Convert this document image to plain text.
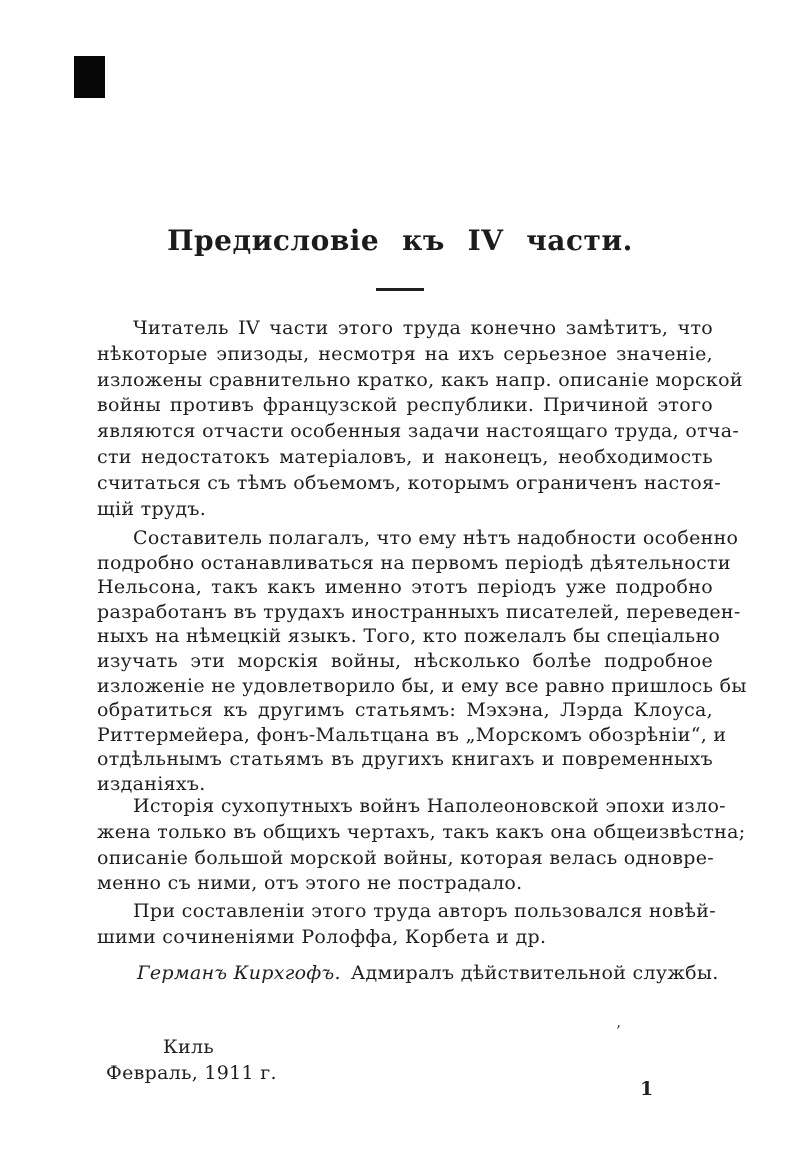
Предисловіе къ IV части.
Читатель IV части этого труда конечно замѣтитъ, что
нѣкоторые эпизоды, несмотря на ихъ серьезное значеніе,
изложены сравнительно кратко, какъ напр. описаніе морской
войны противъ французской республики. Причиной этого
являются отчасти особенныя задачи настоящаго труда, отча-
сти недостатокъ матеріаловъ, и наконецъ, необходимость
считаться съ тѣмъ объемомъ, которымъ ограниченъ настоя-
щій трудъ.
Составитель полагалъ, что ему нѣтъ надобности особенно
подробно останавливаться на первомъ періодѣ дѣятельности
Нельсона, такъ какъ именно этотъ періодъ уже подробно
разработанъ въ трудахъ иностранныхъ писателей, переведен-
ныхъ на нѣмецкій языкъ. Того, кто пожелалъ бы спеціально
изучать эти морскія войны, нѣсколько болѣе подробное
изложеніе не удовлетворило бы, и ему все равно пришлось бы
обратиться къ другимъ статьямъ: Мэхэна, Лэрда Клоуса,
Риттермейера, фонъ-Мальтцана въ „Морскомъ обозрѣніи“, и
отдѣльнымъ статьямъ въ другихъ книгахъ и повременныхъ
изданіяхъ.
Исторія сухопутныхъ войнъ Наполеоновской эпохи изло-
жена только въ общихъ чертахъ, такъ какъ она общеизвѣстна;
описаніе большой морской войны, которая велась одновре-
менно съ ними, отъ этого не пострадало.
При составленіи этого труда авторъ пользовался новѣй-
шими сочиненіями Ролоффа, Корбета и др.
Германъ Кирхгофъ. Адмиралъ дѣйствительной службы.
Киль
Февраль, 1911 г.
’
1
